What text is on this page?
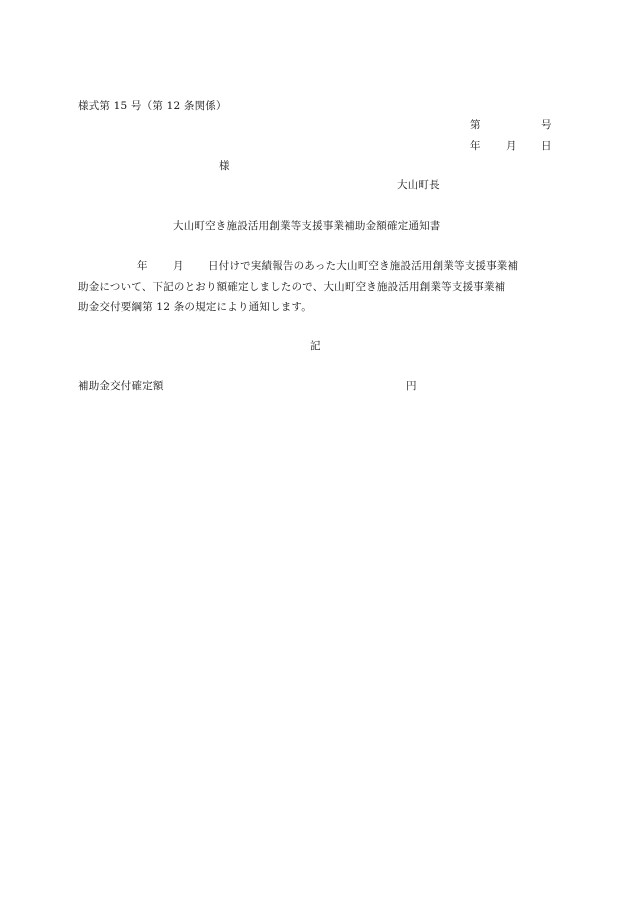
様式第 15 号（第 12 条関係）
第	号
年 月 日
様
大山町長
大山町空き施設活用創業等支援事業補助金額確定通知書
年 月 日付けで実績報告のあった大山町空き施設活用創業等支援事業補
助金について、下記のとおり額確定しましたので、大山町空き施設活用創業等支援事業補
助金交付要綱第 12 条の規定により通知します。
記
補助金交付確定額	円
